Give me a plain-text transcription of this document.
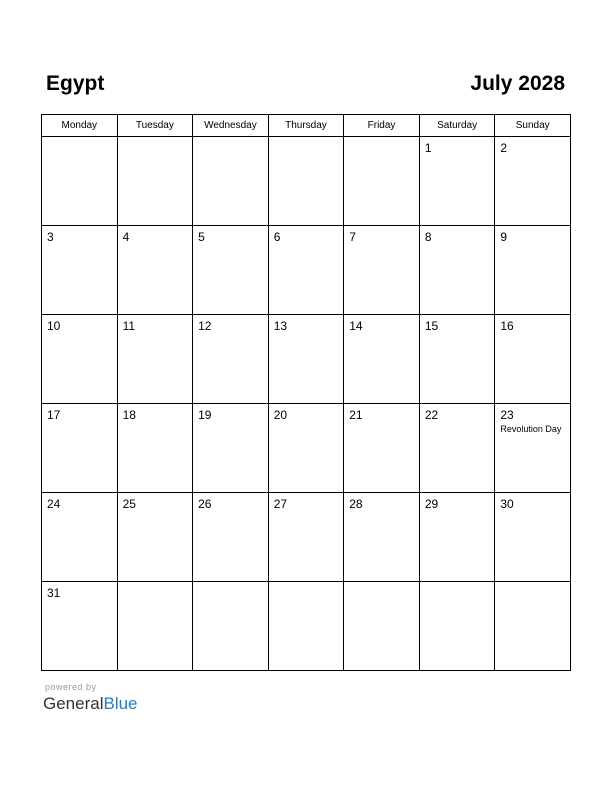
Egypt	July 2028
Monday	Tuesday	Wednesday	Thursday	Friday	Saturday	Sunday

					1	2

3	4	5	6	7	8	9

10	11	12	13	14	15	16

17	18	19	20	21	22	23
Revolution Day

24	25	26	27	28	29	30

31						

powered by
GeneralBlue
